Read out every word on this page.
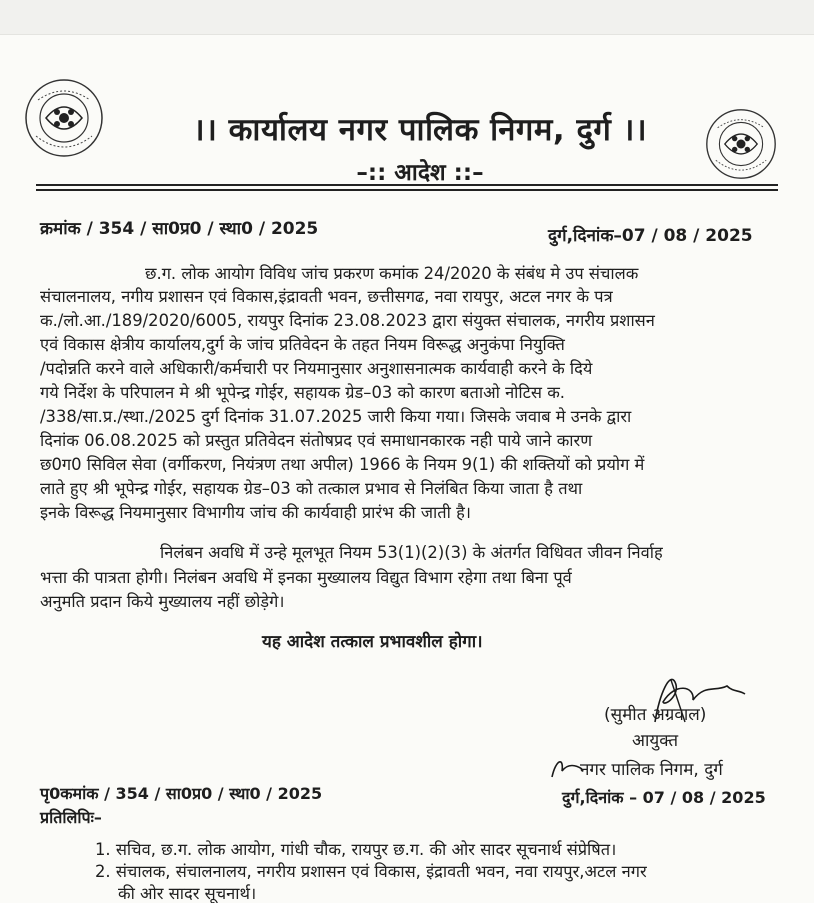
।। कार्यालय नगर पालिक निगम, दुर्ग ।।
–:: आदेश ::–
क्रमांक / 354 / सा0प्र0 / स्था0 / 2025	दुर्ग,दिनांक–07 / 08 / 2025
छ.ग. लोक आयोग विविध जांच प्रकरण कमांक 24/2020 के संबंध मे उप संचालक
संचालनालय, नगीय प्रशासन एवं विकास,इंद्रावती भवन, छत्तीसगढ, नवा रायपुर, अटल नगर के पत्र
क./लो.आ./189/2020/6005, रायपुर दिनांक 23.08.2023 द्वारा संयुक्त संचालक, नगरीय प्रशासन
एवं विकास क्षेत्रीय कार्यालय,दुर्ग के जांच प्रतिवेदन के तहत नियम विरूद्ध अनुकंपा नियुक्ति
/पदोन्नति करने वाले अधिकारी/कर्मचारी पर नियमानुसार अनुशासनात्मक कार्यवाही करने के दिये
गये निर्देश के परिपालन मे श्री भूपेन्द्र गोईर, सहायक ग्रेड–03 को कारण बताओ नोटिस क.
/338/सा.प्र./स्था./2025 दुर्ग दिनांक 31.07.2025 जारी किया गया। जिसके जवाब मे उनके द्वारा
दिनांक 06.08.2025 को प्रस्तुत प्रतिवेदन संतोषप्रद एवं समाधानकारक नही पाये जाने कारण
छ0ग0 सिविल सेवा (वर्गीकरण, नियंत्रण तथा अपील) 1966 के नियम 9(1) की शक्तियों को प्रयोग में
लाते हुए श्री भूपेन्द्र गोईर, सहायक ग्रेड–03 को तत्काल प्रभाव से निलंबित किया जाता है तथा
इनके विरूद्ध नियमानुसार विभागीय जांच की कार्यवाही प्रारंभ की जाती है।
निलंबन अवधि में उन्हे मूलभूत नियम 53(1)(2)(3) के अंतर्गत विधिवत जीवन निर्वाह
भत्ता की पात्रता होगी। निलंबन अवधि में इनका मुख्यालय विद्युत विभाग रहेगा तथा बिना पूर्व
अनुमति प्रदान किये मुख्यालय नहीं छोड़ेगे।
यह आदेश तत्काल प्रभावशील होगा।
(सुमीत अग्रवाल)
आयुक्त
नगर पालिक निगम, दुर्ग
पृ0कमांक / 354 / सा0प्र0 / स्था0 / 2025	दुर्ग,दिनांक – 07 / 08 / 2025
प्रतिलिपिः–
1. सचिव, छ.ग. लोक आयोग, गांधी चौक, रायपुर छ.ग. की ओर सादर सूचनार्थ संप्रेषित।
2. संचालक, संचालनालय, नगरीय प्रशासन एवं विकास, इंद्रावती भवन, नवा रायपुर,अटल नगर
की ओर सादर सूचनार्थ।
